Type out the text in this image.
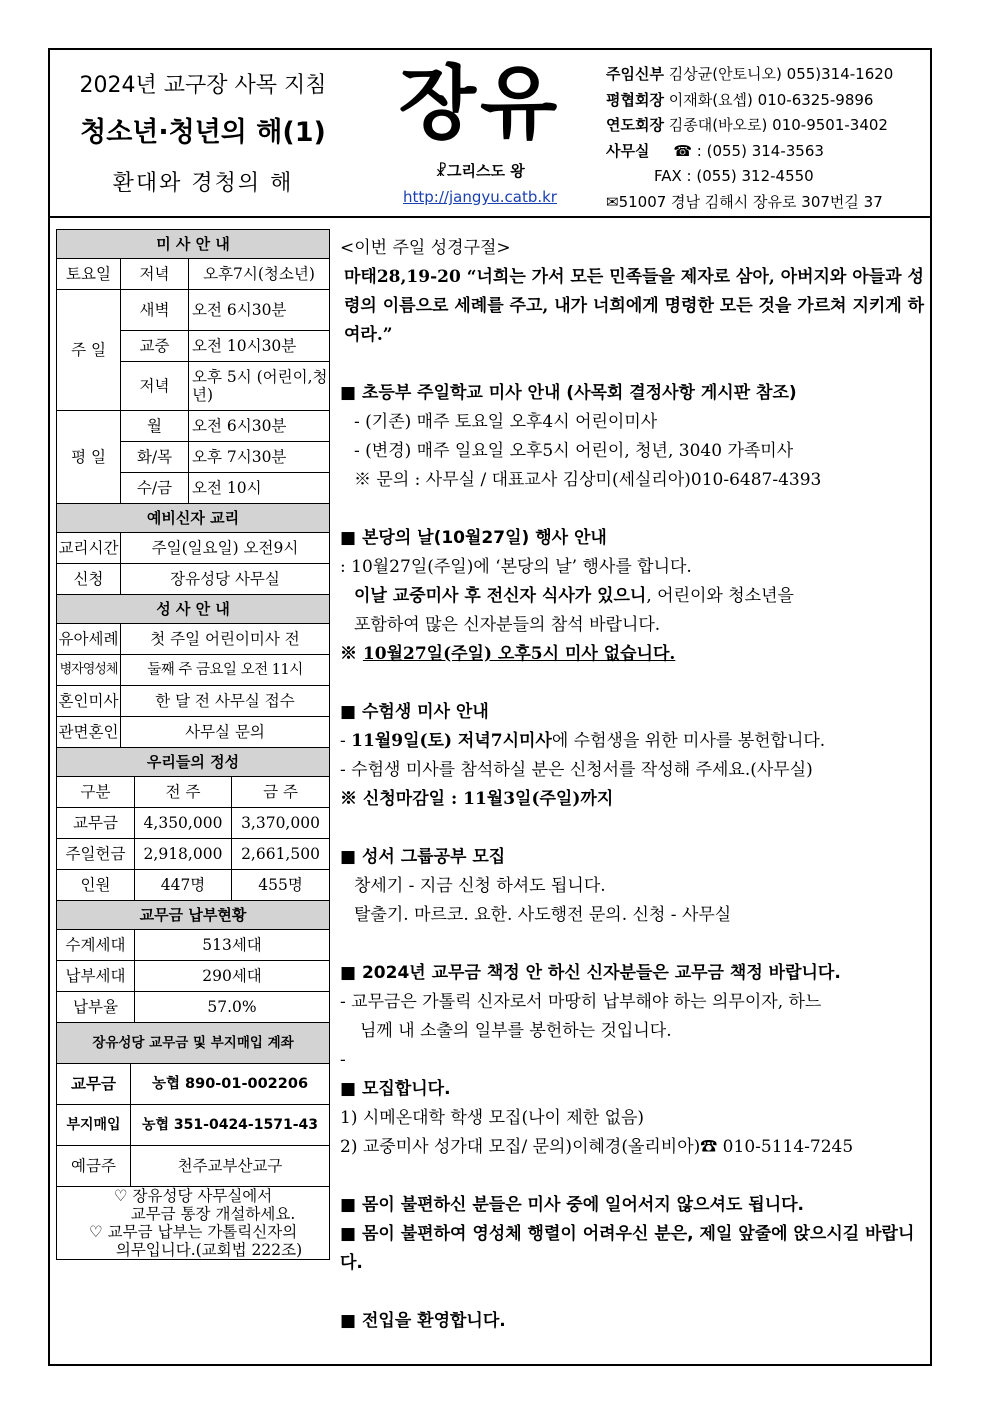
2024년 교구장 사목 지침
청소년·청년의 해(1)
환대와 경청의 해
장유
☧그리스도 왕
http://jangyu.catb.kr
주임신부 김상균(안토니오) 055)314-1620
평협회장 이재화(요셉) 010-6325-9896
연도회장 김종대(바오로) 010-9501-3402
사무실 ☎ : (055) 314-3563
FAX : (055) 312-4550
✉51007 경남 김해시 장유로 307번길 37
미 사 안 내		
토요일	저녁	오후7시(청소년)
주 일	새벽	오전 6시30분
	교중	오전 10시30분
	저녁	오후 5시 (어린이,청년)
평 일	월	오전 6시30분
	화/목	오후 7시30분
	수/금	오전 10시
예비신자 교리		
교리시간	주일(일요일) 오전9시	
신청	장유성당 사무실	
성 사 안 내		
유아세례	첫 주일 어린이미사 전	
병자영성체	둘째 주 금요일 오전 11시	
혼인미사	한 달 전 사무실 접수	
관면혼인	사무실 문의	
우리들의 정성		
구분	전 주	금 주
교무금	4,350,000	3,370,000
주일헌금	2,918,000	2,661,500
인원	447명	455명
교무금 납부현황	
수계세대	513세대
납부세대	290세대
납부율	57.0%
장유성당 교무금 및 부지매입 계좌	
교무금	농협 890-01-002206
부지매입	농협 351-0424-1571-43
예금주	천주교부산교구

♡ 장유성당 사무실에서
교무금 통장 개설하세요.
♡ 교무금 납부는 가톨릭신자의
의무입니다.(교회법 222조)	

<이번 주일 성경구절>

마태28,19-20 “너희는 가서 모든 민족들을 제자로 삼아, 아버지와 아들과 성령의 이름으로 세례를 주고, 내가 너희에게 명령한 모든 것을 가르쳐 지키게 하여라.”

■ 초등부 주일학교 미사 안내 (사목회 결정사항 게시판 참조)

- (기존) 매주 토요일 오후4시 어린이미사

- (변경) 매주 일요일 오후5시 어린이, 청년, 3040 가족미사

※ 문의 : 사무실 / 대표교사 김상미(세실리아)010-6487-4393

■ 본당의 날(10월27일) 행사 안내

: 10월27일(주일)에 ‘본당의 날’ 행사를 합니다.

이날 교중미사 후 전신자 식사가 있으니, 어린이와 청소년을

포함하여 많은 신자분들의 참석 바랍니다.

※ 10월27일(주일) 오후5시 미사 없습니다.

■ 수험생 미사 안내

- 11월9일(토) 저녁7시미사에 수험생을 위한 미사를 봉헌합니다.

- 수험생 미사를 참석하실 분은 신청서를 작성해 주세요.(사무실)

※ 신청마감일 : 11월3일(주일)까지

■ 성서 그룹공부 모집

창세기 - 지금 신청 하셔도 됩니다.

탈출기. 마르코. 요한. 사도행전 문의. 신청 - 사무실

■ 2024년 교무금 책정 안 하신 신자분들은 교무금 책정 바랍니다.

- 교무금은 가톨릭 신자로서 마땅히 납부해야 하는 의무이자, 하느

님께 내 소출의 일부를 봉헌하는 것입니다.

-

■ 모집합니다.

1) 시메온대학 학생 모집(나이 제한 없음)

2) 교중미사 성가대 모집/ 문의)이혜경(올리비아)☎ 010-5114-7245

■ 몸이 불편하신 분들은 미사 중에 일어서지 않으셔도 됩니다.

■ 몸이 불편하여 영성체 행렬이 어려우신 분은, 제일 앞줄에 앉으시길 바랍니다.

■ 전입을 환영합니다.
